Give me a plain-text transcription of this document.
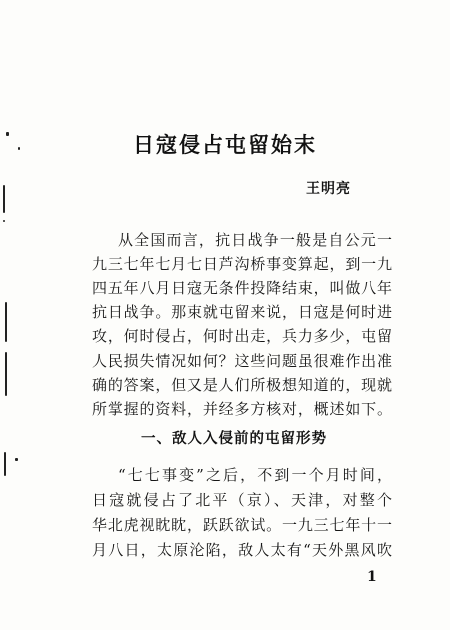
日寇侵占屯留始末
王明亮
从全国而言，抗日战争一般是自公元一
九三七年七月七日芦沟桥事变算起，到一九
四五年八月日寇无条件投降结束，叫做八年
抗日战争。那束就屯留来说，日寇是何时进
攻，何时侵占，何时出走，兵力多少，屯留
人民损失情况如何？这些问题虽很难作出准
确的答案，但又是人们所极想知道的，现就
所掌握的资料，并经多方核对，概述如下。
一、敌人入侵前的屯留形势
“七七事变”之后，不到一个月时间，
日寇就侵占了北平（京）、天津，对整个
华北虎视眈眈，跃跃欲试。一九三七年十一
月八日，太原沦陷，敌人太有“天外黑风吹
1
